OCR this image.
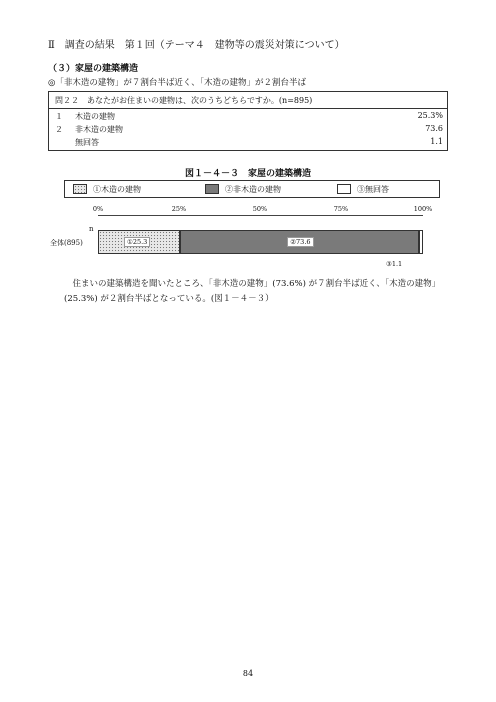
Ⅱ　調査の結果　第１回（テーマ４　建物等の震災対策について）
（３）家屋の建築構造
◎「非木造の建物」が７割台半ば近く、「木造の建物」が２割台半ば
問２２　あなたがお住まいの建物は、次のうちどちらですか。(n=895)
１ 木造の建物	25.3%
２ 非木造の建物	73.6
無回答	1.1
図１－４－３　家屋の建築構造
①木造の建物	②非木造の建物	③無回答
0%	25%	50%	75%	100%
n
全体(895)	①25.3	②73.6
③1.1

住まいの建築構造を聞いたところ、「非木造の建物」(73.6%) が７割台半ば近く、「木造の建物」(25.3%) が２割台半ばとなっている。(図１－４－３）

84
